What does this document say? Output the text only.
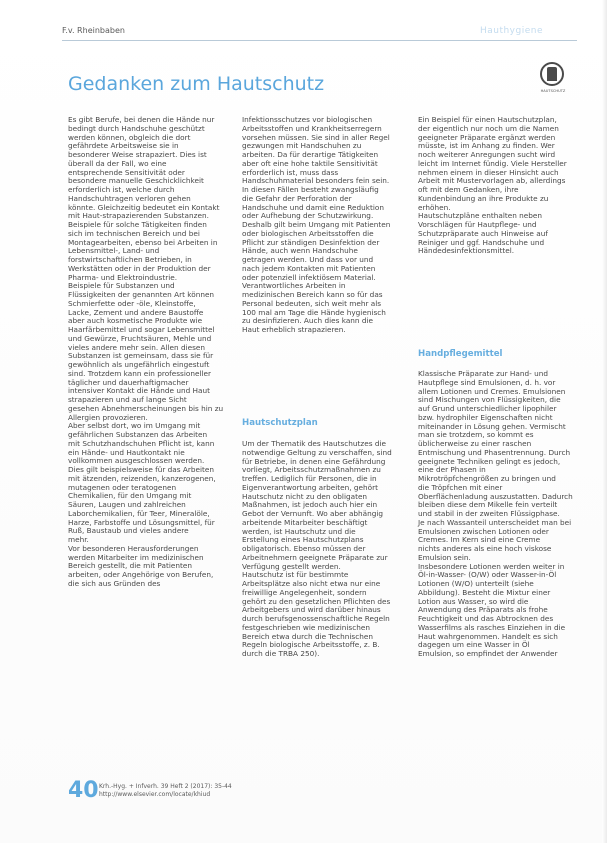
F.v. Rheinbaben	Hauthygiene
Gedanken zum Hautschutz	HAUTSCHUTZ

Es gibt Berufe, bei denen die Hände nur

bedingt durch Handschuhe geschützt

werden können, obgleich die dort

gefährdete Arbeitsweise sie in

besonderer Weise strapaziert. Dies ist

überall da der Fall, wo eine

entsprechende Sensitivität oder

besondere manuelle Geschicklichkeit

erforderlich ist, welche durch

Handschuhtragen verloren gehen

könnte. Gleichzeitig bedeutet ein Kontakt

mit Haut-strapazierenden Substanzen.

Beispiele für solche Tätigkeiten finden

sich im technischen Bereich und bei

Montagearbeiten, ebenso bei Arbeiten in

Lebensmittel-, Land- und

forstwirtschaftlichen Betrieben, in

Werkstätten oder in der Produktion der

Pharma- und Elektroindustrie.

Beispiele für Substanzen und

Flüssigkeiten der genannten Art können

Schmierfette oder -öle, Kleinstoffe,

Lacke, Zement und andere Baustoffe

aber auch kosmetische Produkte wie

Haarfärbemittel und sogar Lebensmittel

und Gewürze, Fruchtsäuren, Mehle und

vieles andere mehr sein. Allen diesen

Substanzen ist gemeinsam, dass sie für

gewöhnlich als ungefährlich eingestuft

sind. Trotzdem kann ein professioneller

täglicher und dauerhaftigmacher

intensiver Kontakt die Hände und Haut

strapazieren und auf lange Sicht

gesehen Abnehmerscheinungen bis hin zu

Allergien provozieren.

Aber selbst dort, wo im Umgang mit

gefährlichen Substanzen das Arbeiten

mit Schutzhandschuhen Pflicht ist, kann

ein Hände- und Hautkontakt nie

vollkommen ausgeschlossen werden.

Dies gilt beispielsweise für das Arbeiten

mit ätzenden, reizenden, kanzerogenen,

mutagenen oder teratogenen

Chemikalien, für den Umgang mit

Säuren, Laugen und zahlreichen

Laborchemikalien, für Teer, Mineralöle,

Harze, Farbstoffe und Lösungsmittel, für

Ruß, Baustaub und vieles andere

mehr.

Vor besonderen Herausforderungen

werden Mitarbeiter im medizinischen

Bereich gestellt, die mit Patienten

arbeiten, oder Angehörige von Berufen,

die sich aus Gründen des

Infektionsschutzes vor biologischen

Arbeitsstoffen und Krankheitserregern

vorsehen müssen. Sie sind in aller Regel

gezwungen mit Handschuhen zu

arbeiten. Da für derartige Tätigkeiten

aber oft eine hohe taktile Sensitivität

erforderlich ist, muss dass

Handschuhmaterial besonders fein sein.

In diesen Fällen besteht zwangsläufig

die Gefahr der Perforation der

Handschuhe und damit eine Reduktion

oder Aufhebung der Schutzwirkung.

Deshalb gilt beim Umgang mit Patienten

oder biologischen Arbeitsstoffen die

Pflicht zur ständigen Desinfektion der

Hände, auch wenn Handschuhe

getragen werden. Und dass vor und

nach jedem Kontakten mit Patienten

oder potenziell infektiösem Material.

Verantwortliches Arbeiten in

medizinischen Bereich kann so für das

Personal bedeuten, sich weit mehr als

100 mal am Tage die Hände hygienisch

zu desinfizieren. Auch dies kann die

Haut erheblich strapazieren.

Hautschutzplan

Um der Thematik des Hautschutzes die

notwendige Geltung zu verschaffen, sind

für Betriebe, in denen eine Gefährdung

vorliegt, Arbeitsschutzmaßnahmen zu

treffen. Lediglich für Personen, die in

Eigenverantwortung arbeiten, gehört

Hautschutz nicht zu den obligaten

Maßnahmen, ist jedoch auch hier ein

Gebot der Vernunft. Wo aber abhängig

arbeitende Mitarbeiter beschäftigt

werden, ist Hautschutz und die

Erstellung eines Hautschutzplans

obligatorisch. Ebenso müssen der

Arbeitnehmern geeignete Präparate zur

Verfügung gestellt werden.

Hautschutz ist für bestimmte

Arbeitsplätze also nicht etwa nur eine

freiwillige Angelegenheit, sondern

gehört zu den gesetzlichen Pflichten des

Arbeitgebers und wird darüber hinaus

durch berufsgenossenschaftliche Regeln

festgeschrieben wie medizinischen

Bereich etwa durch die Technischen

Regeln biologische Arbeitsstoffe, z. B.

durch die TRBA 250).

Ein Beispiel für einen Hautschutzplan,

der eigentlich nur noch um die Namen

geeigneter Präparate ergänzt werden

müsste, ist im Anhang zu finden. Wer

noch weiterer Anregungen sucht wird

leicht im Internet fündig. Viele Hersteller

nehmen einem in dieser Hinsicht auch

Arbeit mit Mustervorlagen ab, allerdings

oft mit dem Gedanken, ihre

Kundenbindung an ihre Produkte zu

erhöhen.

Hautschutzpläne enthalten neben

Vorschlägen für Hautpflege- und

Schutzpräparate auch Hinweise auf

Reiniger und ggf. Handschuhe und

Händedesinfektionsmittel.

Handpflegemittel

Klassische Präparate zur Hand- und

Hautpflege sind Emulsionen, d. h. vor

allem Lotionen und Cremes. Emulsionen

sind Mischungen von Flüssigkeiten, die

auf Grund unterschiedlicher lipophiler

bzw. hydrophiler Eigenschaften nicht

miteinander in Lösung gehen. Vermischt

man sie trotzdem, so kommt es

üblicherweise zu einer raschen

Entmischung und Phasentrennung. Durch

geeignete Techniken gelingt es jedoch,

eine der Phasen in

Mikrotröpfchengrößen zu bringen und

die Tröpfchen mit einer

Oberflächenladung auszustatten. Dadurch

bleiben diese dem Mikelle fein verteilt

und stabil in der zweiten Flüssigphase.

Je nach Wassanteil unterscheidet man bei

Emulsionen zwischen Lotionen oder

Cremes. Im Kern sind eine Creme

nichts anderes als eine hoch viskose

Emulsion sein.

Insbesondere Lotionen werden weiter in

Öl-in-Wasser- (O/W) oder Wasser-in-Öl

Lotionen (W/O) unterteilt (siehe

Abbildung). Besteht die Mixtur einer

Lotion aus Wasser, so wird die

Anwendung des Präparats als frohe

Feuchtigkeit und das Abtrocknen des

Wasserfilms als rasches Einziehen in die

Haut wahrgenommen. Handelt es sich

dagegen um eine Wasser in Öl

Emulsion, so empfindet der Anwender

40 Krh.-Hyg. + Infverh. 39 Heft 2 (2017): 35-44

http://www.elsevier.com/locate/khiud
